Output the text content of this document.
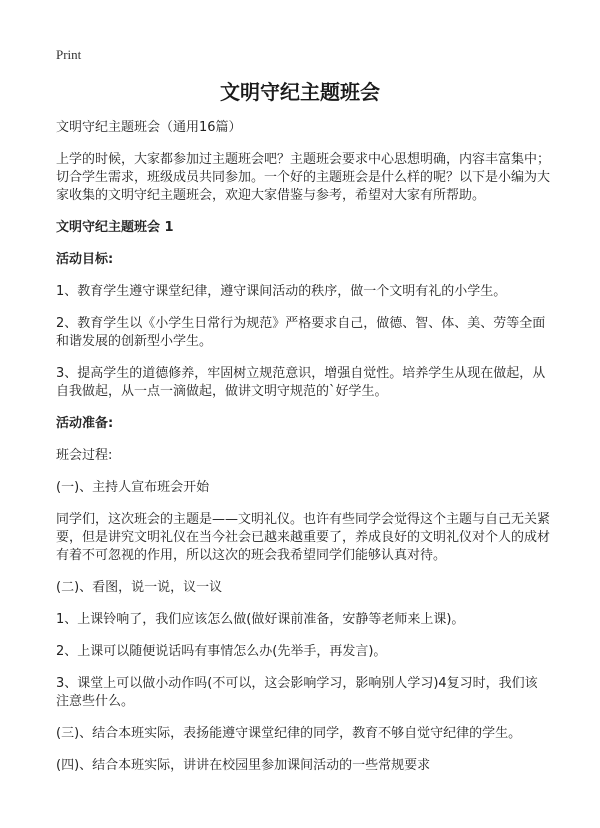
Print
文明守纪主题班会

文明守纪主题班会（通用16篇）

上学的时候，大家都参加过主题班会吧？主题班会要求中心思想明确，内容丰富集中；切合学生需求，班级成员共同参加。一个好的主题班会是什么样的呢？以下是小编为大家收集的文明守纪主题班会，欢迎大家借鉴与参考，希望对大家有所帮助。

文明守纪主题班会 1

活动目标:

1、教育学生遵守课堂纪律，遵守课间活动的秩序，做一个文明有礼的小学生。

2、教育学生以《小学生日常行为规范》严格要求自己，做德、智、体、美、劳等全面和谐发展的创新型小学生。

3、提高学生的道德修养，牢固树立规范意识，增强自觉性。培养学生从现在做起，从自我做起，从一点一滴做起，做讲文明守规范的`好学生。

活动准备:

班会过程:

(一)、主持人宣布班会开始

同学们，这次班会的主题是——文明礼仪。也许有些同学会觉得这个主题与自己无关紧要，但是讲究文明礼仪在当今社会已越来越重要了，养成良好的文明礼仪对个人的成材有着不可忽视的作用，所以这次的班会我希望同学们能够认真对待。

(二)、看图，说一说，议一议

1、上课铃响了，我们应该怎么做(做好课前准备，安静等老师来上课)。

2、上课可以随便说话吗有事情怎么办(先举手，再发言)。

3、课堂上可以做小动作吗(不可以，这会影响学习，影响别人学习)4复习时，我们该注意些什么。

(三)、结合本班实际，表扬能遵守课堂纪律的同学，教育不够自觉守纪律的学生。

(四)、结合本班实际，讲讲在校园里参加课间活动的一些常规要求
